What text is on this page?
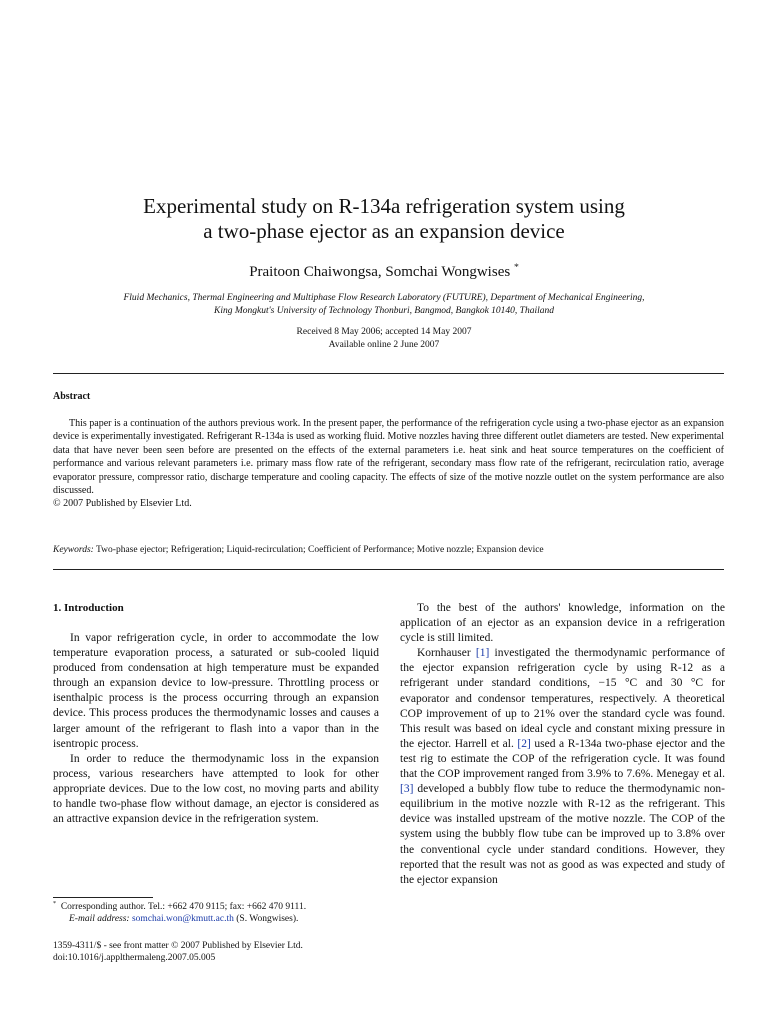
Experimental study on R-134a refrigeration system using
a two-phase ejector as an expansion device
Praitoon Chaiwongsa, Somchai Wongwises *
Fluid Mechanics, Thermal Engineering and Multiphase Flow Research Laboratory (FUTURE), Department of Mechanical Engineering,
King Mongkut's University of Technology Thonburi, Bangmod, Bangkok 10140, Thailand
Received 8 May 2006; accepted 14 May 2007
Available online 2 June 2007
Abstract

This paper is a continuation of the authors previous work. In the present paper, the performance of the refrigeration cycle using a two-phase ejector as an expansion device is experimentally investigated. Refrigerant R-134a is used as working fluid. Motive nozzles having three different outlet diameters are tested. New experimental data that have never been seen before are presented on the effects of the external parameters i.e. heat sink and heat source temperatures on the coefficient of performance and various relevant parameters i.e. primary mass flow rate of the refrigerant, secondary mass flow rate of the refrigerant, recirculation ratio, average evaporator pressure, compressor ratio, discharge temperature and cooling capacity. The effects of size of the motive nozzle outlet on the system performance are also discussed.

© 2007 Published by Elsevier Ltd.

Keywords: Two-phase ejector; Refrigeration; Liquid-recirculation; Coefficient of Performance; Motive nozzle; Expansion device
1. Introduction

In vapor refrigeration cycle, in order to accommodate the low temperature evaporation process, a saturated or sub-cooled liquid produced from condensation at high temperature must be expanded through an expansion device to low-pressure. Throttling process or isenthalpic process is the process occurring through an expansion device. This process produces the thermodynamic losses and causes a larger amount of the refrigerant to flash into a vapor than in the isentropic process.

In order to reduce the thermodynamic loss in the expansion process, various researchers have attempted to look for other appropriate devices. Due to the low cost, no moving parts and ability to handle two-phase flow without damage, an ejector is considered as an attractive expansion device in the refrigeration system.

To the best of the authors' knowledge, information on the application of an ejector as an expansion device in a refrigeration cycle is still limited.

Kornhauser [1] investigated the thermodynamic performance of the ejector expansion refrigeration cycle by using R-12 as a refrigerant under standard conditions, −15 °C and 30 °C for evaporator and condensor temperatures, respectively. A theoretical COP improvement of up to 21% over the standard cycle was found. This result was based on ideal cycle and constant mixing pressure in the ejector. Harrell et al. [2] used a R-134a two-phase ejector and the test rig to estimate the COP of the refrigeration cycle. It was found that the COP improvement ranged from 3.9% to 7.6%. Menegay et al. [3] developed a bubbly flow tube to reduce the thermodynamic non-equilibrium in the motive nozzle with R-12 as the refrigerant. This device was installed upstream of the motive nozzle. The COP of the system using the bubbly flow tube can be improved up to 3.8% over the conventional cycle under standard conditions. However, they reported that the result was not as good as was expected and study of the ejector expansion

* Corresponding author. Tel.: +662 470 9115; fax: +662 470 9111.
E-mail address: somchai.won@kmutt.ac.th (S. Wongwises).
1359-4311/$ - see front matter © 2007 Published by Elsevier Ltd.
doi:10.1016/j.applthermaleng.2007.05.005
